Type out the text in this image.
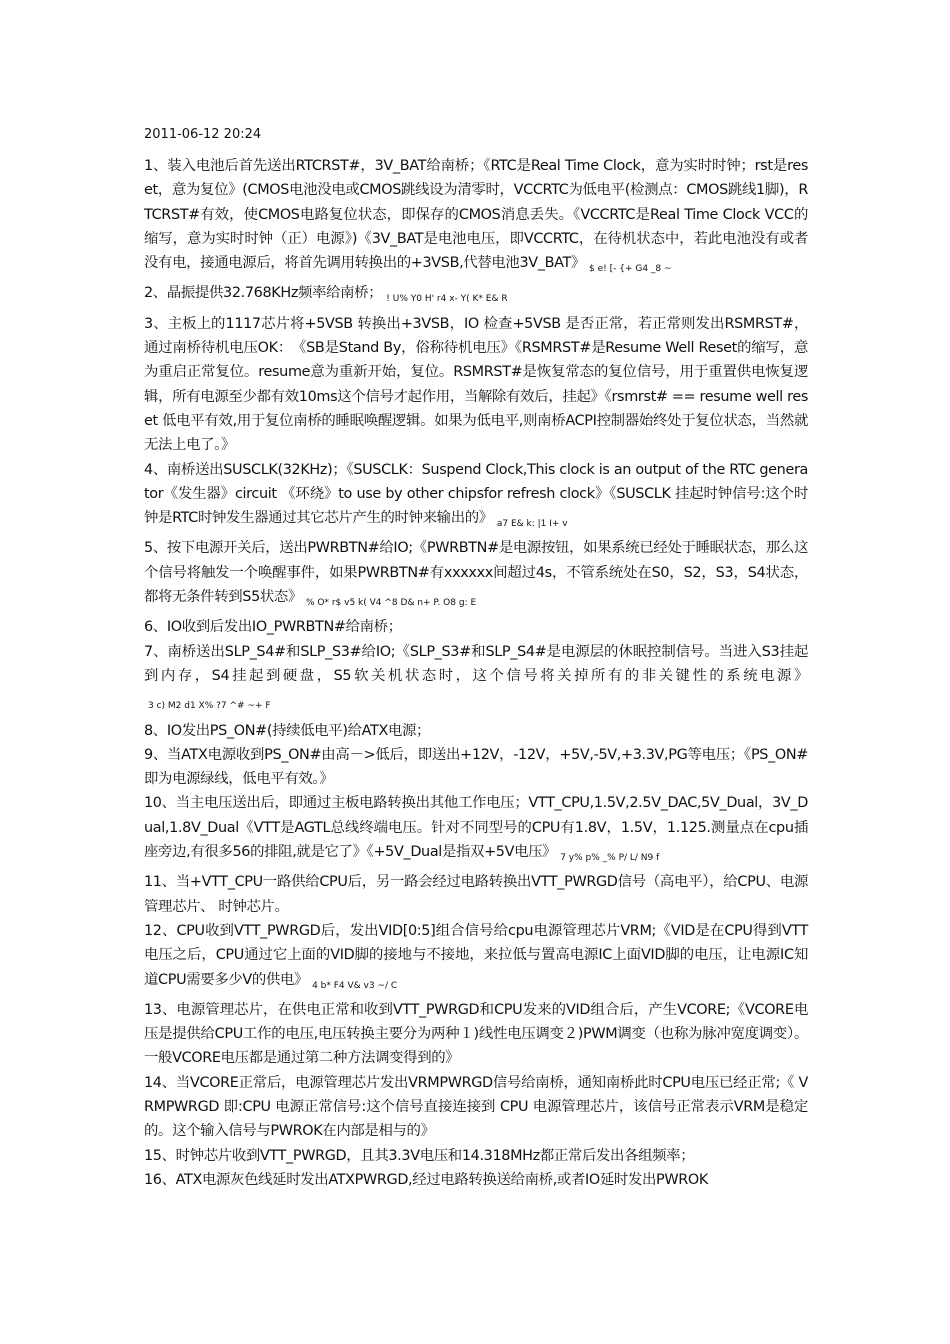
2011-06-12 20:24
1、装入电池后首先送出RTCRST#，3V_BAT给南桥；《RTC是Real Time Clock，意为实时时钟；rst是reset，意为复位》(CMOS电池没电或CMOS跳线设为清零时，VCCRTC为低电平(检测点：CMOS跳线1脚)，RTCRST#有效，使CMOS电路复位状态，即保存的CMOS消息丢失。《VCCRTC是Real Time Clock VCC的缩写，意为实时时钟（正）电源》)《3V_BAT是电池电压，即VCCRTC，在待机状态中，若此电池没有或者没有电，接通电源后，将首先调用转换出的+3VSB,代替电池3V_BAT》 $_{\$ e! [- \{+ G4 \_8 \sim}$
2、晶振提供32.768KHz频率给南桥； $_{! U\% Y0 H' r4 x- Y( K* E\& R}$
3、主板上的1117芯片将+5VSB 转换出+3VSB，IO 检查+5VSB 是否正常，若正常则发出RSMRST#，通过南桥待机电压OK：　《SB是Stand By，俗称待机电压》《RSMRST#是Resume Well Reset的缩写，意为重启正常复位。resume意为重新开始，复位。RSMRST#是恢复常态的复位信号，用于重置供电恢复逻辑，所有电源至少都有效10ms这个信号才起作用，当解除有效后，挂起》《rsmrst# == resume well reset 低电平有效,用于复位南桥的睡眠唤醒逻辑。如果为低电平,则南桥ACPI控制器始终处于复位状态，当然就无法上电了。》
4、南桥送出SUSCLK(32KHz)；《SUSCLK：Suspend Clock,This clock is an output of the RTC generator《发生器》circuit 《环绕》to use by other chipsfor refresh clock》《SUSCLK 挂起时钟信号:这个时钟是RTC时钟发生器通过其它芯片产生的时钟来输出的》 $_{a7 E\& k: |1 I+ v}$
5、按下电源开关后，送出PWRBTN#给IO;《PWRBTN#是电源按钮，如果系统已经处于睡眠状态，那么这个信号将触发一个唤醒事件，如果PWRBTN#有xxxxxx间超过4s，不管系统处在S0，S2，S3，S4状态，都将无条件转到S5状态》 $_{\% O* r\$ v5 k( V4 \^{}8 D\& n+ P. O8 g: E}$
6、IO收到后发出IO_PWRBTN#给南桥；
7、南桥送出SLP_S4#和SLP_S3#给IO;《SLP_S3#和SLP_S4#是电源层的休眠控制信号。当进入S3挂起到内存，S4挂起到硬盘，S5软关机状态时，这个信号将关掉所有的非关键性的系统电源》$_{3 c) M2 d1 X\% ?7 \^{}\# \sim+ F}$
8、IO发出PS_ON#(持续低电平)给ATX电源；
9、当ATX电源收到PS_ON#由高－>低后，即送出+12V，-12V，+5V,-5V,+3.3V,PG等电压；《PS_ON#即为电源绿线，低电平有效。》
10、当主电压送出后，即通过主板电路转换出其他工作电压；VTT_CPU,1.5V,2.5V_DAC,5V_Dual，3V_Dual,1.8V_Dual《VTT是AGTL总线终端电压。针对不同型号的CPU有1.8V，1.5V，1.125.测量点在cpu插座旁边,有很多56的排阻,就是它了》《+5V_Dual是指双+5V电压》 $_{7 y\% p\% \_\% P/ L/ N9 f}$
11、当+VTT_CPU一路供给CPU后，另一路会经过电路转换出VTT_PWRGD信号（高电平），给CPU、电源管理芯片、 时钟芯片。
12、CPU收到VTT_PWRGD后，发出VID[0:5]组合信号给cpu电源管理芯片VRM;《VID是在CPU得到VTT电压之后，CPU通过它上面的VID脚的接地与不接地，来拉低与置高电源IC上面VID脚的电压，让电源IC知道CPU需要多少V的供电》 $_{4 b* F4 V\& v3 \sim/ C}$
13、电源管理芯片，在供电正常和收到VTT_PWRGD和CPU发来的VID组合后，产生VCORE;《VCORE电压是提供给CPU工作的电压,电压转换主要分为两种１)线性电压调变２)PWM调变（也称为脉冲宽度调变）。一般VCORE电压都是通过第二种方法调变得到的》
14、当VCORE正常后，电源管理芯片发出VRMPWRGD信号给南桥，通知南桥此时CPU电压已经正常;《 VRMPWRGD 即:CPU 电源正常信号:这个信号直接连接到 CPU 电源管理芯片，该信号正常表示VRM是稳定的。这个输入信号与PWROK在内部是相与的》
15、时钟芯片收到VTT_PWRGD，且其3.3V电压和14.318MHz都正常后发出各组频率；
16、ATX电源灰色线延时发出ATXPWRGD,经过电路转换送给南桥,或者IO延时发出PWROK
